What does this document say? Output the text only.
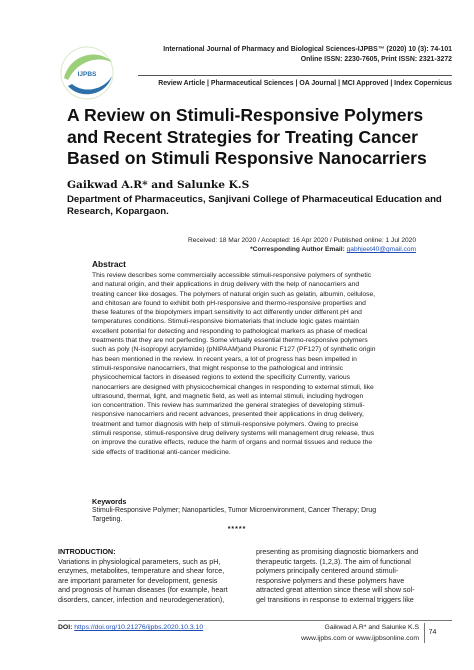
IJPBS
International Journal of Pharmacy and Biological Sciences-IJPBS™ (2020) 10 (3): 74-101
Online ISSN: 2230-7605, Print ISSN: 2321-3272
Review Article | Pharmaceutical Sciences | OA Journal | MCI Approved | Index Copernicus
A Review on Stimuli-Responsive Polymers
and Recent Strategies for Treating Cancer
Based on Stimuli Responsive Nanocarriers
Gaikwad A.R* and Salunke K.S
Department of Pharmaceutics, Sanjivani College of Pharmaceutical Education and
Research, Kopargaon.
Received: 18 Mar 2020 / Accepted: 16 Apr 2020 / Published online: 1 Jul 2020
*Corresponding Author Email: gabhjeet40@gmail.com
Abstract
This review describes some commercially accessible stimuli-responsive polymers of synthetic
and natural origin, and their applications in drug delivery with the help of nanocarriers and
treating cancer like dosages. The polymers of natural origin such as gelatin, albumin, cellulose,
and chitosan are found to exhibit both pH-responsive and thermo-responsive properties and
these features of the biopolymers impart sensitivity to act differently under different pH and
temperatures conditions. Stimuli-responsive biomaterials that include logic gates maintain
excellent potential for detecting and responding to pathological markers as phase of medical
treatments that they are not perfecting. Some virtually essential thermo-responsive polymers
such as poly (N-isopropyl acrylamide) (pNIPAAM)and Pluronic F127 (PF127) of synthetic origin
has been mentioned in the review. In recent years, a lot of progress has been impelled in
stimuli-responsive nanocarriers, that might response to the pathological and intrinsic
physicochemical factors in diseased regions to extend the specificity Currently, various
nanocarriers are designed with physicochemical changes in responding to external stimuli, like
ultrasound, thermal, light, and magnetic field, as well as internal stimuli, including hydrogen
ion concentration. This review has summarized the general strategies of developing stimuli-
responsive nanocarriers and recent advances, presented their applications in drug delivery,
treatment and tumor diagnosis with help of stimuli-responsive polymers. Owing to precise
stimuli response, stimuli-responsive drug delivery systems will management drug release, thus
on improve the curative effects, reduce the harm of organs and normal tissues and reduce the
side effects of traditional anti-cancer medicine.
Keywords
Stimuli-Responsive Polymer; Nanoparticles, Tumor Microenvironment, Cancer Therapy; Drug
Targeting.
*****
INTRODUCTION:
Variations in physiological parameters, such as pH,
enzymes, metabolites, temperature and shear force,
are important parameter for development, genesis
and prognosis of human diseases (for example, heart
disorders, cancer, infection and neurodegeneration),
presenting as promising diagnostic biomarkers and
therapeutic targets. (1,2,3). The aim of functional
polymers principally centered around stimuli-
responsive polymers and these polymers have
attracted great attention since these will show sol-
gel transitions in response to external triggers like
DOI: https://doi.org/10.21276/ijpbs.2020.10.3.10	Gaikwad A.R* and Salunke K.S
www.ijpbs.com or www.ijpbsonline.com
74
